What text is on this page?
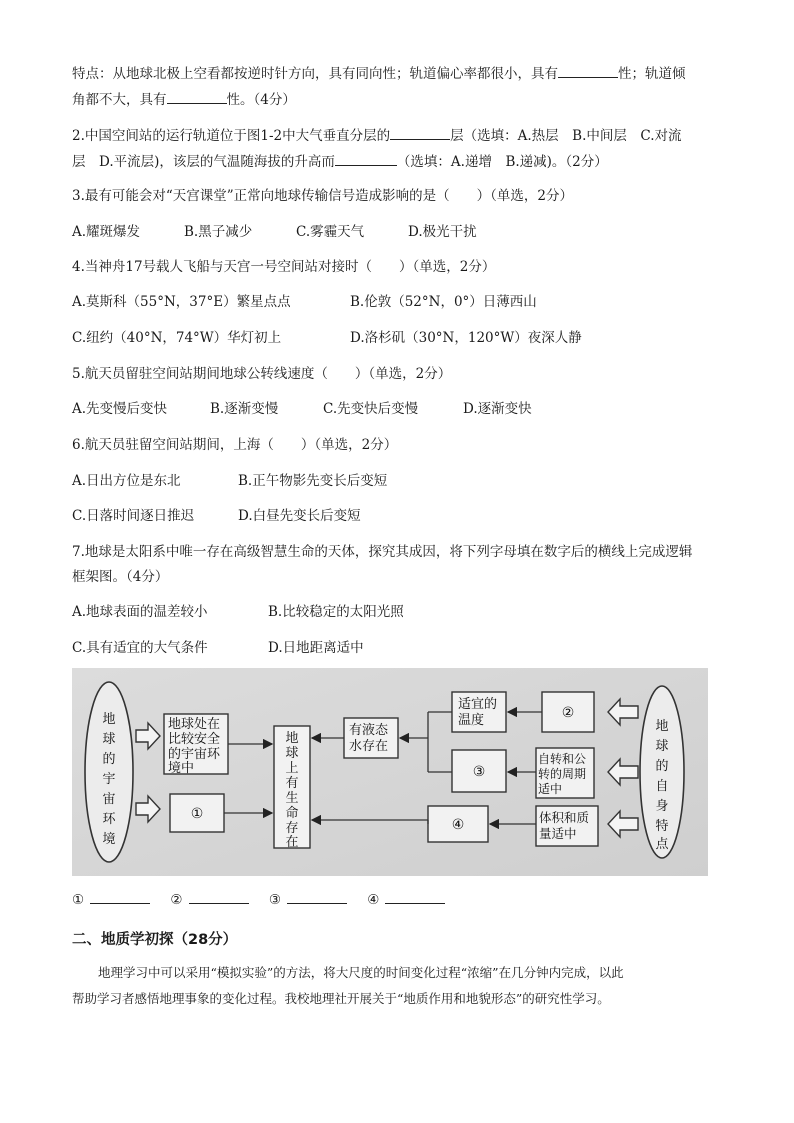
特点：从地球北极上空看都按逆时针方向，具有同向性；轨道偏心率都很小，具有	性；轨道倾
角都不大，具有	性。（4分）
2.中国空间站的运行轨道位于图1-2中大气垂直分层的	层（选填：A.热层　B.中间层　C.对流
层　D.平流层)，该层的气温随海拔的升高而	（选填：A.递增　B.递减)。（2分）
3.最有可能会对“天宫课堂”正常向地球传输信号造成影响的是（　　）（单选，2分）
A.耀斑爆发	B.黑子减少	C.雾霾天气	D.极光干扰
4.当神舟17号载人飞船与天宫一号空间站对接时（　　）（单选，2分）
A.莫斯科（55°N，37°E）繁星点点	B.伦敦（52°N，0°）日薄西山
C.纽约（40°N，74°W）华灯初上	D.洛杉矶（30°N，120°W）夜深人静
5.航天员留驻空间站期间地球公转线速度（　　）（单选，2分）
A.先变慢后变快	B.逐渐变慢	C.先变快后变慢	D.逐渐变快
6.航天员驻留空间站期间，上海（　　）（单选，2分）
A.日出方位是东北	B.正午物影先变长后变短
C.日落时间逐日推迟	D.白昼先变长后变短
7.地球是太阳系中唯一存在高级智慧生命的天体，探究其成因，将下列字母填在数字后的横线上完成逻辑
框架图。（4分）
A.地球表面的温差较小	B.比较稳定的太阳光照
C.具有适宜的大气条件	D.日地距离适中
地
球
的
宇
宙
环
境
地球处在
比较安全
的宇宙环
境中
①
地
球
上
有
生
命
存
在
有液态
水存在
适宜的
温度
③
④
②
自转和公
转的周期
适中
体积和质
量适中
地
球
的
自
身
特
点
①	②	③	④
二、地质学初探（28分）
地理学习中可以采用“模拟实验”的方法，将大尺度的时间变化过程“浓缩”在几分钟内完成，以此
帮助学习者感悟地理事象的变化过程。我校地理社开展关于“地质作用和地貌形态”的研究性学习。
